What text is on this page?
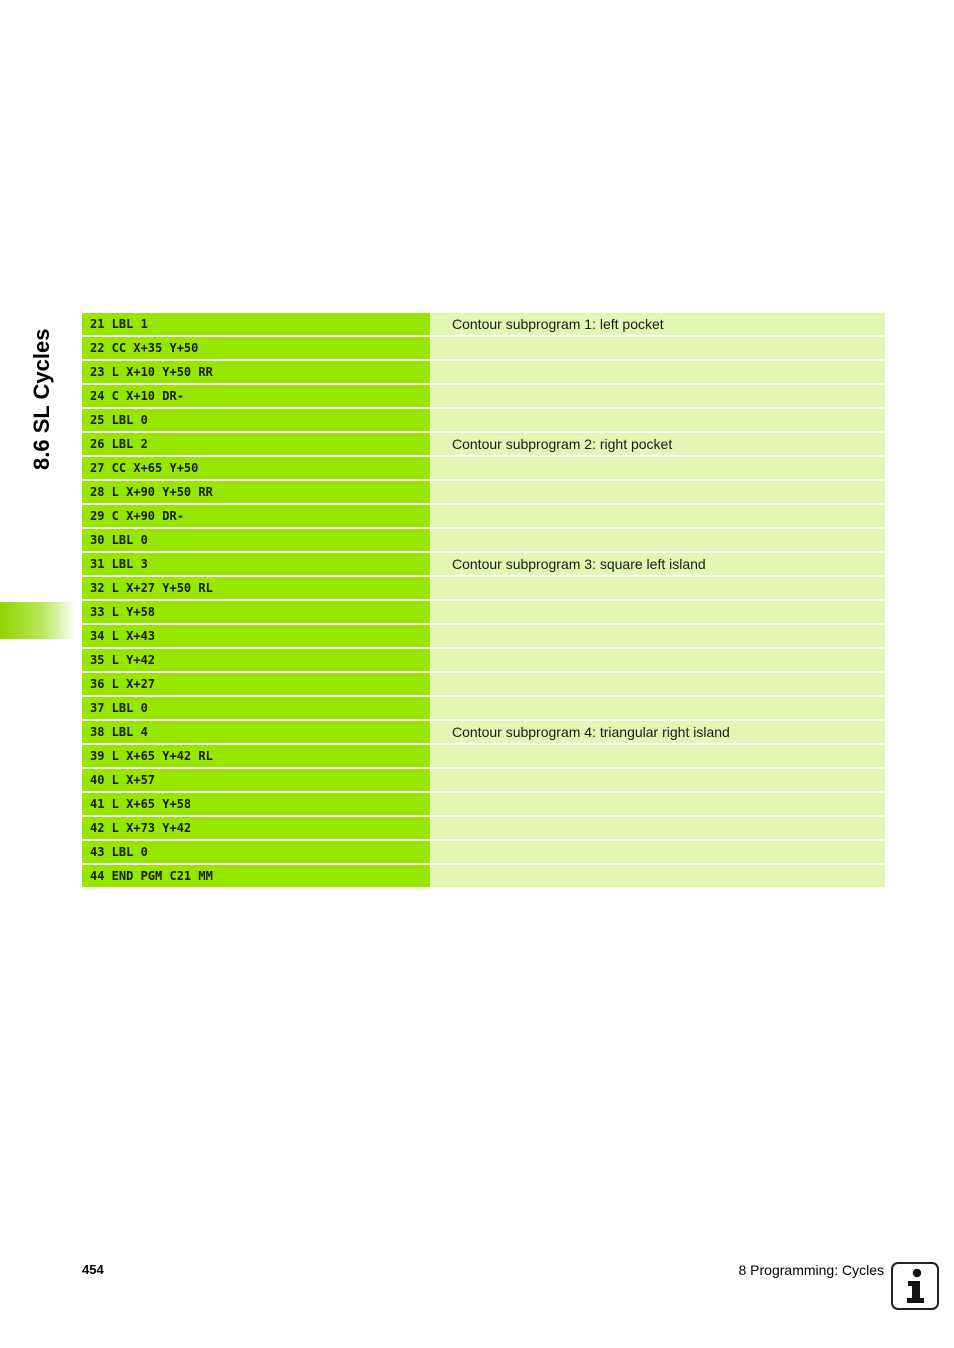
8.6 SL Cycles
21 LBL 1		Contour subprogram 1: left pocket
22 CC X+35 Y+50		
23 L X+10 Y+50 RR		
24 C X+10 DR-		
25 LBL 0		
26 LBL 2		Contour subprogram 2: right pocket
27 CC X+65 Y+50		
28 L X+90 Y+50 RR		
29 C X+90 DR-		
30 LBL 0		
31 LBL 3		Contour subprogram 3: square left island
32 L X+27 Y+50 RL		
33 L Y+58		
34 L X+43		
35 L Y+42		
36 L X+27		
37 LBL 0		
38 LBL 4		Contour subprogram 4: triangular right island
39 L X+65 Y+42 RL		
40 L X+57		
41 L X+65 Y+58		
42 L X+73 Y+42		
43 LBL 0		
44 END PGM C21 MM		
454	8 Programming: Cycles
